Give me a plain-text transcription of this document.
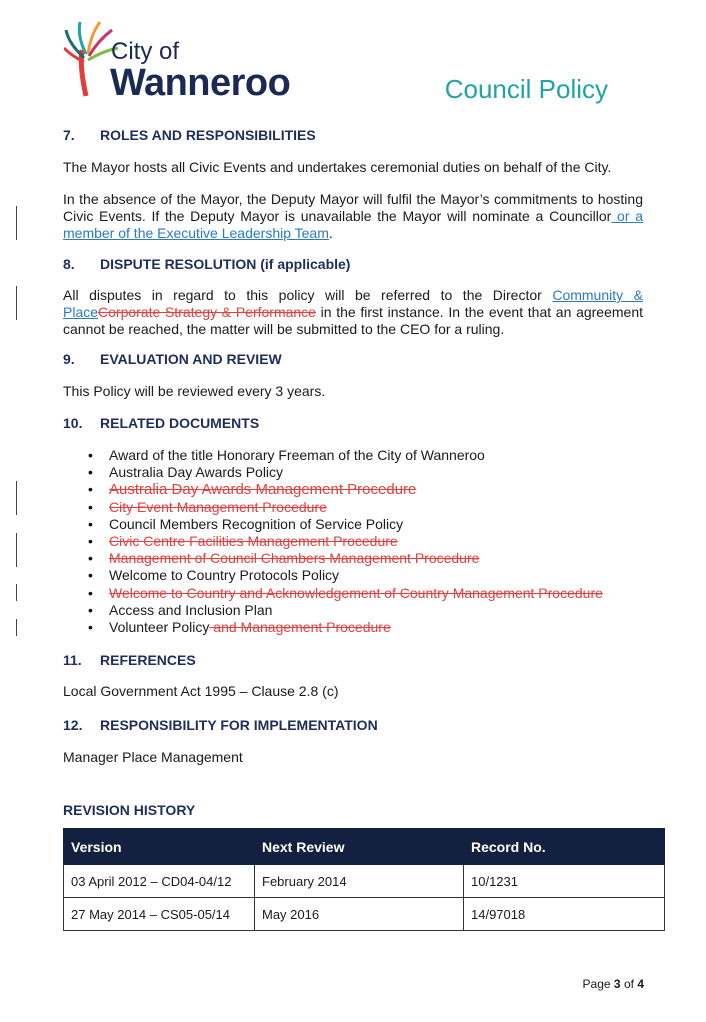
City of
Wanneroo	Council Policy
7. ROLES AND RESPONSIBILITIES
The Mayor hosts all Civic Events and undertakes ceremonial duties on behalf of the City.
In the absence of the Mayor, the Deputy Mayor will fulfil the Mayor’s commitments to hosting Civic Events. If the Deputy Mayor is unavailable the Mayor will nominate a Councillor or a member of the Executive Leadership Team.
8. DISPUTE RESOLUTION (if applicable)
All disputes in regard to this policy will be referred to the Director Community & PlaceCorporate Strategy & Performance in the first instance. In the event that an agreement cannot be reached, the matter will be submitted to the CEO for a ruling.
9. EVALUATION AND REVIEW
This Policy will be reviewed every 3 years.
10. RELATED DOCUMENTS
• Award of the title Honorary Freeman of the City of Wanneroo
• Australia Day Awards Policy
• Australia Day Awards Management Procedure
• City Event Management Procedure
• Council Members Recognition of Service Policy
• Civic Centre Facilities Management Procedure
• Management of Council Chambers Management Procedure
• Welcome to Country Protocols Policy
• Welcome to Country and Acknowledgement of Country Management Procedure
• Access and Inclusion Plan
• Volunteer Policy and Management Procedure
11. REFERENCES
Local Government Act 1995 – Clause 2.8 (c)
12. RESPONSIBILITY FOR IMPLEMENTATION
Manager Place Management
REVISION HISTORY
Version	Next Review	Record No.
03 April 2012 – CD04-04/12	February 2014	10/1231
27 May 2014 – CS05-05/14	May 2016	14/97018
Page 3 of 4
